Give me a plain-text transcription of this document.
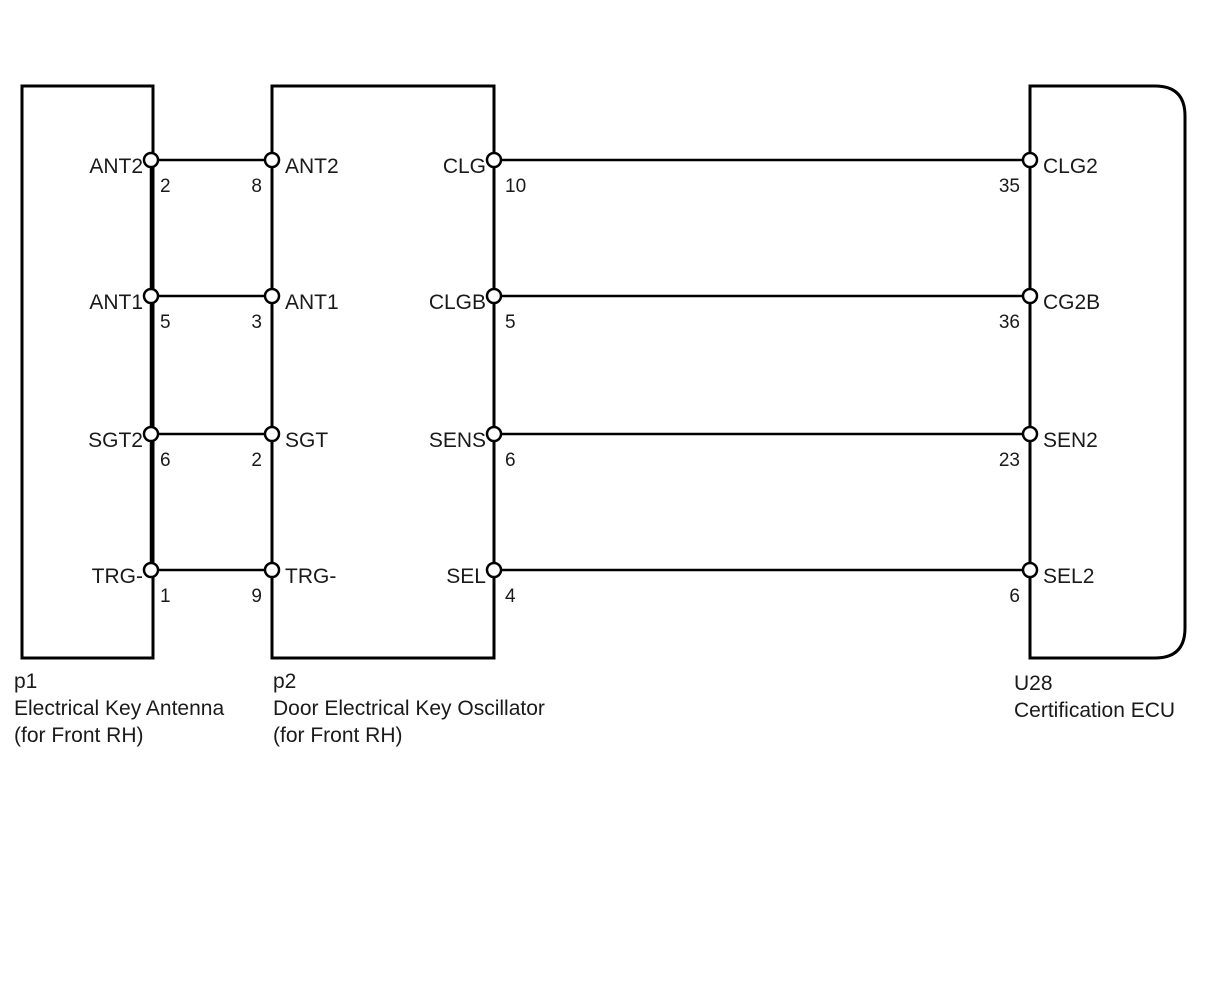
ANT2
ANT1
SGT2
TRG-
2
5
6
1
8
3
2
9
ANT2
ANT1
SGT
TRG-
CLG
CLGB
SENS
SEL
10
5
6
4
35
36
23
6
CLG2
CG2B
SEN2
SEL2
p1
Electrical Key Antenna
(for Front RH)
p2
Door Electrical Key Oscillator
(for Front RH)
U28
Certification ECU
